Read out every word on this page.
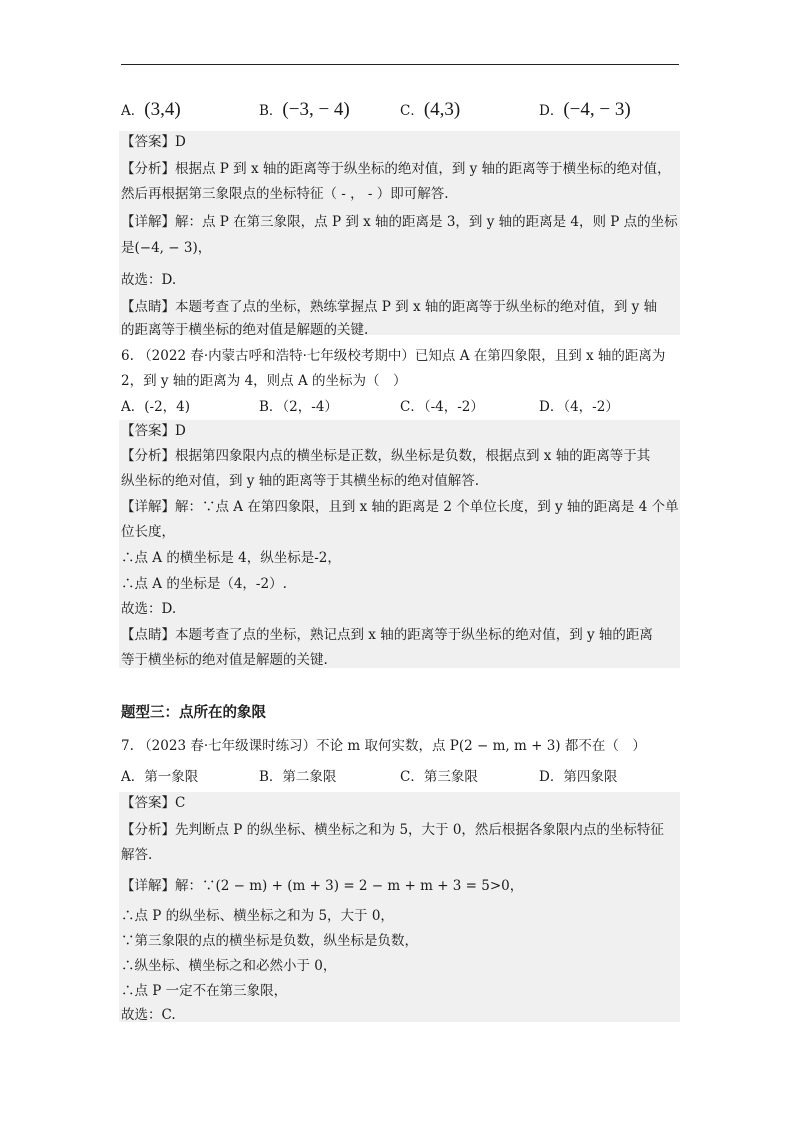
A．(3,4)	B．(−3, − 4)	C．(4,3)	D．(−4, − 3)
【答案】D
【分析】根据点 P 到 x 轴的距离等于纵坐标的绝对值，到 y 轴的距离等于横坐标的绝对值，
然后再根据第三象限点的坐标特征（ - ， - ）即可解答.
【详解】解：点 P 在第三象限，点 P 到 x 轴的距离是 3，到 y 轴的距离是 4，则 P 点的坐标
是(−4, − 3)，
故选：D.
【点睛】本题考查了点的坐标，熟练掌握点 P 到 x 轴的距离等于纵坐标的绝对值，到 y 轴
的距离等于横坐标的绝对值是解题的关键.
6. （2022 春·内蒙古呼和浩特·七年级校考期中）已知点 A 在第四象限，且到 x 轴的距离为
2，到 y 轴的距离为 4，则点 A 的坐标为（　）
A．(-2，4)	B．（2，-4）	C．（-4，-2）	D．（4，-2）
【答案】D
【分析】根据第四象限内点的横坐标是正数，纵坐标是负数，根据点到 x 轴的距离等于其
纵坐标的绝对值，到 y 轴的距离等于其横坐标的绝对值解答.
【详解】解：∵点 A 在第四象限，且到 x 轴的距离是 2 个单位长度，到 y 轴的距离是 4 个单
位长度，
∴点 A 的横坐标是 4，纵坐标是-2，
∴点 A 的坐标是（4，-2）.
故选：D.
【点睛】本题考查了点的坐标，熟记点到 x 轴的距离等于纵坐标的绝对值，到 y 轴的距离
等于横坐标的绝对值是解题的关键.
题型三：点所在的象限
7. （2023 春·七年级课时练习）不论 m 取何实数，点 P(2 − m, m + 3) 都不在（　）
A．第一象限	B．第二象限	C．第三象限	D．第四象限
【答案】C
【分析】先判断点 P 的纵坐标、横坐标之和为 5，大于 0，然后根据各象限内点的坐标特征
解答.
【详解】解：∵(2 − m) + (m + 3) = 2 − m + m + 3 = 5>0，
∴点 P 的纵坐标、横坐标之和为 5，大于 0，
∵第三象限的点的横坐标是负数，纵坐标是负数，
∴纵坐标、横坐标之和必然小于 0，
∴点 P 一定不在第三象限，
故选：C.
